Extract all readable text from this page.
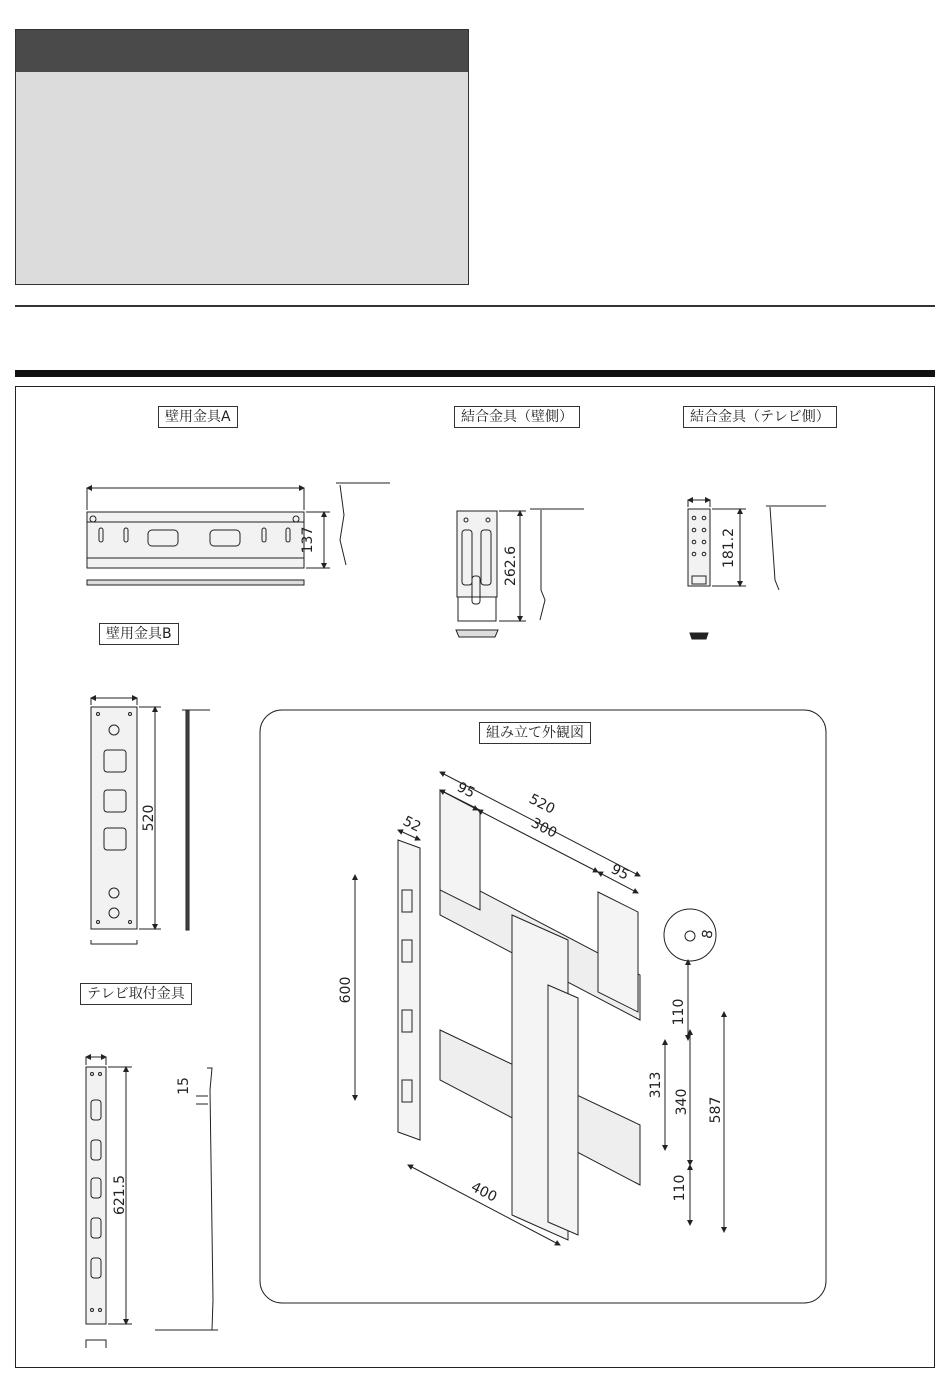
壁用金具A	結合金具（壁側）	結合金具（テレビ側）
壁用金具B
テレビ取付金具
組み立て外観図
137
262.6	181.2
520
621.5
15
520
95
300
95
52
600
400
8
110
313
340 587
110
